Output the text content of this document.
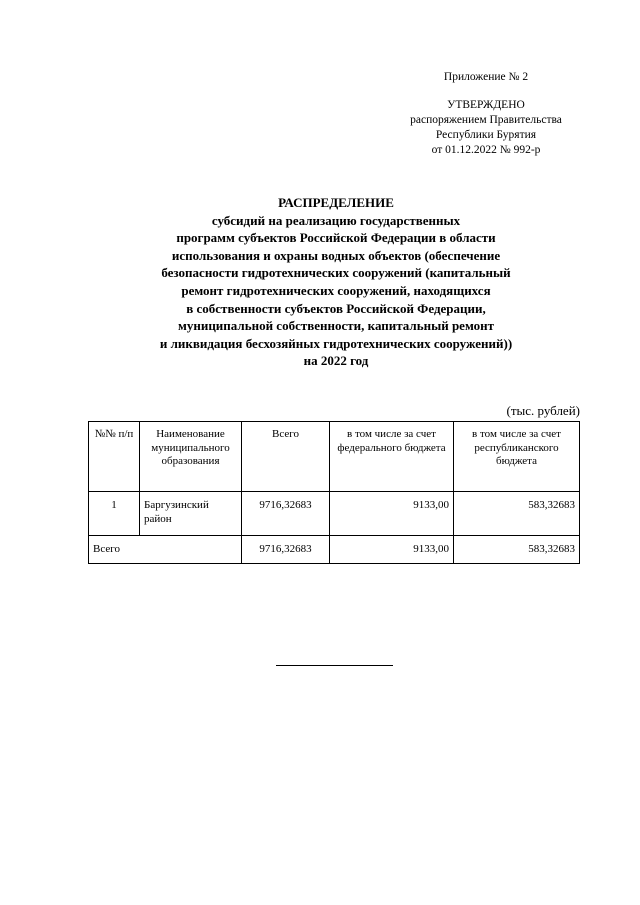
Приложение № 2
УТВЕРЖДЕНО
распоряжением Правительства
Республики Бурятия
от 01.12.2022 № 992-р
РАСПРЕДЕЛЕНИЕ
субсидий на реализацию государственных
программ субъектов Российской Федерации в области
использования и охраны водных объектов (обеспечение
безопасности гидротехнических сооружений (капитальный
ремонт гидротехнических сооружений, находящихся
в собственности субъектов Российской Федерации,
муниципальной собственности, капитальный ремонт
и ликвидация бесхозяйных гидротехнических сооружений))
на 2022 год
(тыс. рублей)
№№ п/п	Наименование муниципального образования	Всего	в том числе за счет федерального бюджета	в том числе за счет республиканского бюджета
1	Баргузинский район	9716,32683	9133,00	583,32683
Всего		9716,32683	9133,00	583,32683
